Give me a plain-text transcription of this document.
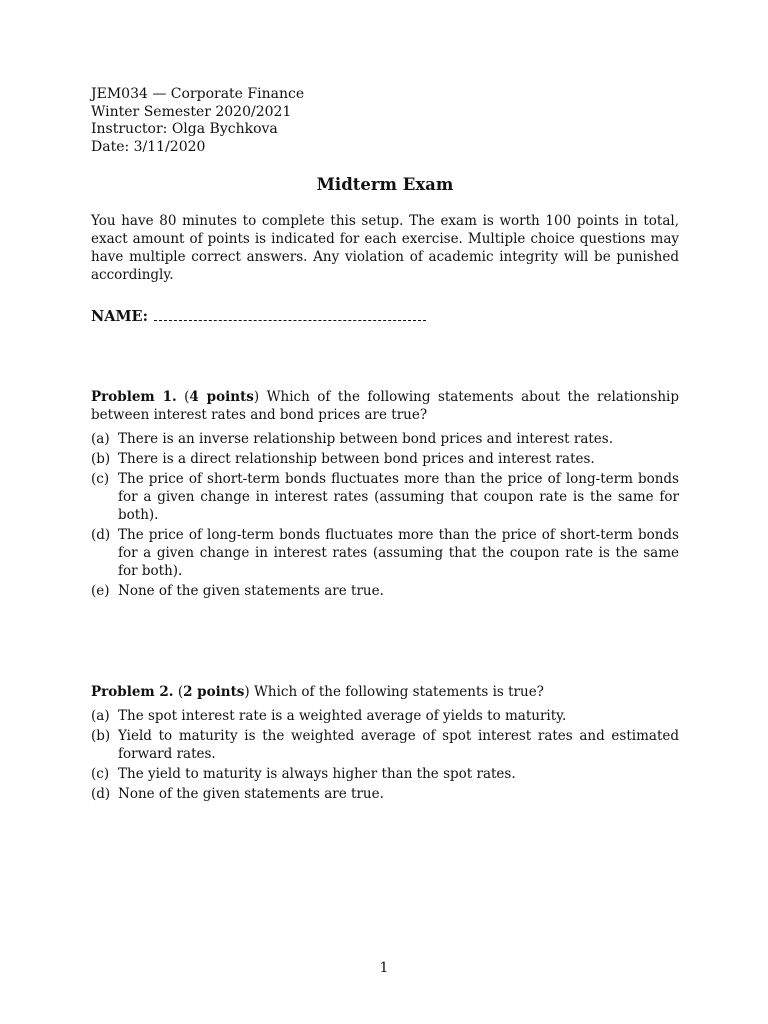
JEM034 — Corporate Finance
Winter Semester 2020/2021
Instructor: Olga Bychkova
Date: 3/11/2020
Midterm Exam
You have 80 minutes to complete this setup. The exam is worth 100 points in total, exact amount of points is indicated for each exercise. Multiple choice questions may have multiple correct answers. Any violation of academic integrity will be punished accordingly.
NAME:
Problem 1. (4 points) Which of the following statements about the relationship between interest rates and bond prices are true?
(a) There is an inverse relationship between bond prices and interest rates.
(b) There is a direct relationship between bond prices and interest rates.
(c) The price of short-term bonds fluctuates more than the price of long-term bonds for a given change in interest rates (assuming that coupon rate is the same for both).
(d) The price of long-term bonds fluctuates more than the price of short-term bonds for a given change in interest rates (assuming that the coupon rate is the same for both).
(e) None of the given statements are true.
Problem 2. (2 points) Which of the following statements is true?
(a) The spot interest rate is a weighted average of yields to maturity.
(b) Yield to maturity is the weighted average of spot interest rates and estimated forward rates.
(c) The yield to maturity is always higher than the spot rates.
(d) None of the given statements are true.
1
